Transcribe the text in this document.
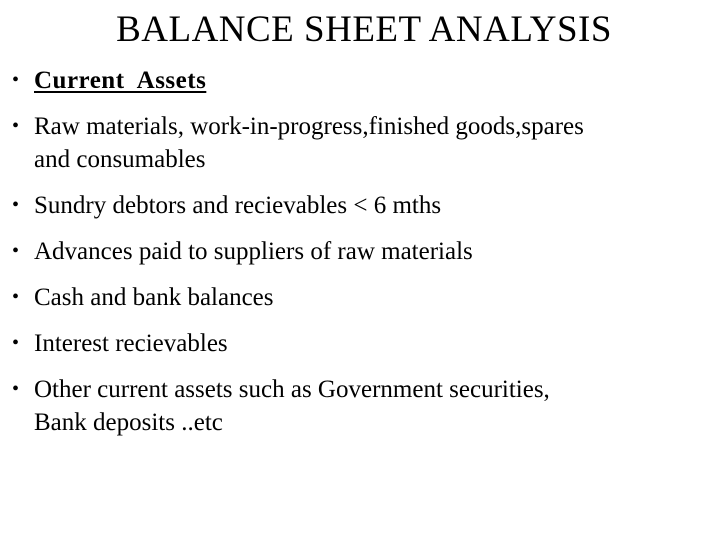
BALANCE SHEET ANALYSIS
• Current  Assets
• Raw materials, work-in-progress,finished goods,spares and consumables
• Sundry debtors and recievables < 6 mths
• Advances paid to suppliers of raw materials
• Cash and bank balances
• Interest recievables
• Other current assets such as Government securities, Bank deposits ..etc
